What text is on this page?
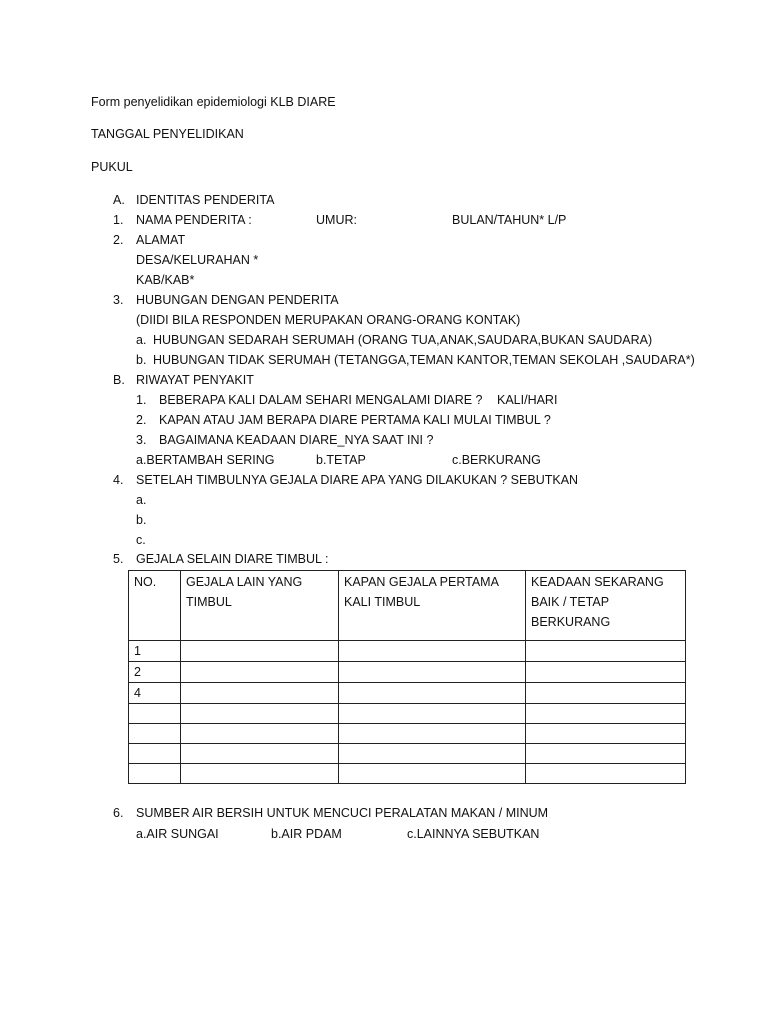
Form penyelidikan epidemiologi KLB DIARE
TANGGAL PENYELIDIKAN
PUKUL
A. IDENTITAS PENDERITA
1. NAMA PENDERITA :	UMUR:	BULAN/TAHUN* L/P
2. ALAMAT
DESA/KELURAHAN *
KAB/KAB*
3. HUBUNGAN DENGAN PENDERITA
(DIIDI BILA RESPONDEN MERUPAKAN ORANG-ORANG KONTAK)
a. HUBUNGAN SEDARAH SERUMAH (ORANG TUA,ANAK,SAUDARA,BUKAN SAUDARA)
b. HUBUNGAN TIDAK SERUMAH (TETANGGA,TEMAN KANTOR,TEMAN SEKOLAH ,SAUDARA*)
B. RIWAYAT PENYAKIT
1. BEBERAPA KALI DALAM SEHARI MENGALAMI DIARE ? KALI/HARI
2. KAPAN ATAU JAM BERAPA DIARE PERTAMA KALI MULAI TIMBUL ?
3. BAGAIMANA KEADAAN DIARE_NYA SAAT INI ?
a.BERTAMBAH SERING	b.TETAP	c.BERKURANG
4. SETELAH TIMBULNYA GEJALA DIARE APA YANG DILAKUKAN ? SEBUTKAN
a.
b.
c.
5. GEJALA SELAIN DIARE TIMBUL :
NO.	GEJALA LAIN YANG TIMBUL	KAPAN GEJALA PERTAMA KALI TIMBUL	KEADAAN SEKARANG BAIK / TETAP BERKURANG
1			
2			
4			

6. SUMBER AIR BERSIH UNTUK MENCUCI PERALATAN MAKAN / MINUM
a.AIR SUNGAI	b.AIR PDAM	c.LAINNYA SEBUTKAN
